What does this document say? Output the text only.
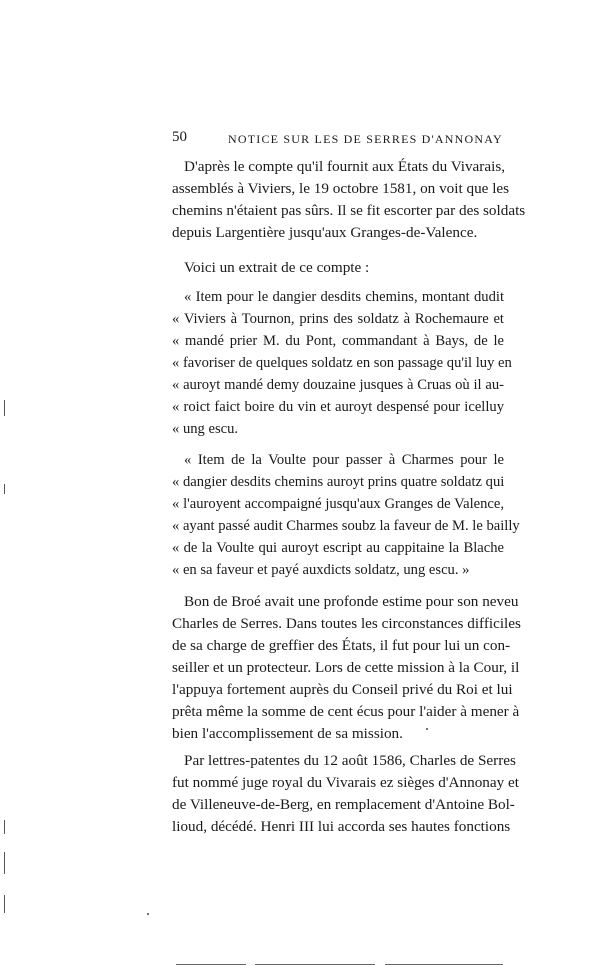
50	NOTICE SUR LES DE SERRES D'ANNONAY
D'après le compte qu'il fournit aux États du Vivarais,
assemblés à Viviers, le 19 octobre 1581, on voit que les
chemins n'étaient pas sûrs. Il se fit escorter par des soldats
depuis Largentière jusqu'aux Granges-de-Valence.
Voici un extrait de ce compte :
« Item pour le dangier desdits chemins, montant dudit
« Viviers à Tournon, prins des soldatz à Rochemaure et
« mandé prier M. du Pont, commandant à Bays, de le
« favoriser de quelques soldatz en son passage qu'il luy en
« auroyt mandé demy douzaine jusques à Cruas où il au-
« roict faict boire du vin et auroyt despensé pour icelluy
« ung escu.
« Item de la Voulte pour passer à Charmes pour le
« dangier desdits chemins auroyt prins quatre soldatz qui
« l'auroyent accompaigné jusqu'aux Granges de Valence,
« ayant passé audit Charmes soubz la faveur de M. le bailly
« de la Voulte qui auroyt escript au cappitaine la Blache
« en sa faveur et payé auxdicts soldatz, ung escu. »
Bon de Broé avait une profonde estime pour son neveu
Charles de Serres. Dans toutes les circonstances difficiles
de sa charge de greffier des États, il fut pour lui un con-
seiller et un protecteur. Lors de cette mission à la Cour, il
l'appuya fortement auprès du Conseil privé du Roi et lui
prêta même la somme de cent écus pour l'aider à mener à
bien l'accomplissement de sa mission.
Par lettres-patentes du 12 août 1586, Charles de Serres
fut nommé juge royal du Vivarais ez sièges d'Annonay et
de Villeneuve-de-Berg, en remplacement d'Antoine Bol-
lioud, décédé. Henri III lui accorda ses hautes fonctions
